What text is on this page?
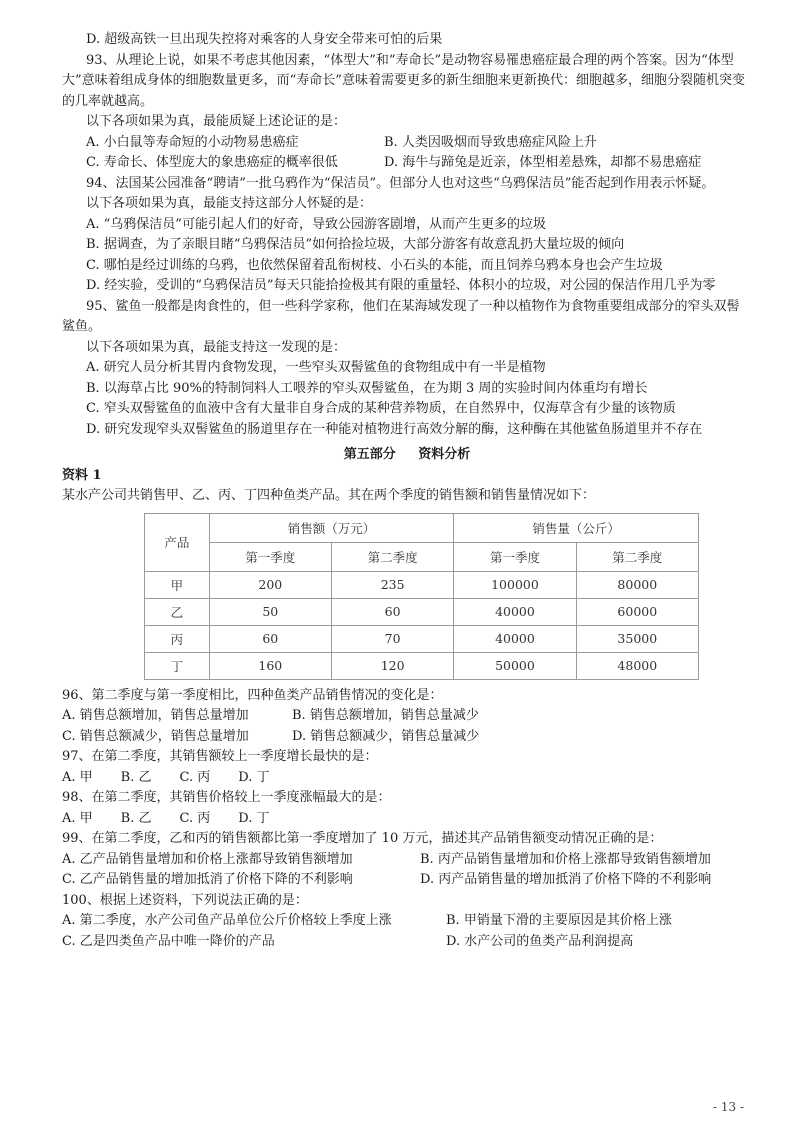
D. 超级高铁一旦出现失控将对乘客的人身安全带来可怕的后果
93、从理论上说，如果不考虑其他因素，“体型大”和“寿命长”是动物容易罹患癌症最合理的两个答案。因为“体型大”意味着组成身体的细胞数量更多，而“寿命长”意味着需要更多的新生细胞来更新换代：细胞越多，细胞分裂随机突变的几率就越高。
以下各项如果为真，最能质疑上述论证的是：
A. 小白鼠等寿命短的小动物易患癌症	B. 人类因吸烟而导致患癌症风险上升
C. 寿命长、体型庞大的象患癌症的概率很低	D. 海牛与蹄兔是近亲，体型相差悬殊，却都不易患癌症
94、法国某公园准备“聘请”一批乌鸦作为“保洁员”。但部分人也对这些“乌鸦保洁员”能否起到作用表示怀疑。
以下各项如果为真，最能支持这部分人怀疑的是：
A. “乌鸦保洁员”可能引起人们的好奇，导致公园游客剧增，从而产生更多的垃圾
B. 据调查，为了亲眼目睹“乌鸦保洁员”如何拾捡垃圾，大部分游客有故意乱扔大量垃圾的倾向
C. 哪怕是经过训练的乌鸦，也依然保留着乱衔树枝、小石头的本能，而且饲养乌鸦本身也会产生垃圾
D. 经实验，受训的“乌鸦保洁员”每天只能拾捡极其有限的重量轻、体积小的垃圾，对公园的保洁作用几乎为零
95、鲨鱼一般都是肉食性的，但一些科学家称，他们在某海域发现了一种以植物作为食物重要组成部分的窄头双髻鲨鱼。
以下各项如果为真，最能支持这一发现的是：
A. 研究人员分析其胃内食物发现，一些窄头双髻鲨鱼的食物组成中有一半是植物
B. 以海草占比 90%的特制饲料人工喂养的窄头双髻鲨鱼，在为期 3 周的实验时间内体重均有增长
C. 窄头双髻鲨鱼的血液中含有大量非自身合成的某种营养物质，在自然界中，仅海草含有少量的该物质
D. 研究发现窄头双髻鲨鱼的肠道里存在一种能对植物进行高效分解的酶，这种酶在其他鲨鱼肠道里并不存在
第五部分 资料分析
资料 1
某水产公司共销售甲、乙、丙、丁四种鱼类产品。其在两个季度的销售额和销售量情况如下：
产品	销售额（万元）		销售量（公斤）	
	第一季度	第二季度	第一季度	第二季度
甲	200	235	100000	80000
乙	50	60	40000	60000
丙	60	70	40000	35000
丁	160	120	50000	48000
96、第二季度与第一季度相比，四种鱼类产品销售情况的变化是：
A. 销售总额增加，销售总量增加	B. 销售总额增加，销售总量减少
C. 销售总额减少，销售总量增加	D. 销售总额减少，销售总量减少
97、在第二季度，其销售额较上一季度增长最快的是：
A. 甲 B. 乙 C. 丙 D. 丁
98、在第二季度，其销售价格较上一季度涨幅最大的是：
A. 甲 B. 乙 C. 丙 D. 丁
99、在第二季度，乙和丙的销售额都比第一季度增加了 10 万元，描述其产品销售额变动情况正确的是：
A. 乙产品销售量增加和价格上涨都导致销售额增加	B. 丙产品销售量增加和价格上涨都导致销售额增加
C. 乙产品销售量的增加抵消了价格下降的不利影响	D. 丙产品销售量的增加抵消了价格下降的不利影响
100、根据上述资料，下列说法正确的是：
A. 第二季度，水产公司鱼产品单位公斤价格较上季度上涨	B. 甲销量下滑的主要原因是其价格上涨
C. 乙是四类鱼产品中唯一降价的产品	D. 水产公司的鱼类产品利润提高
- 13 -
